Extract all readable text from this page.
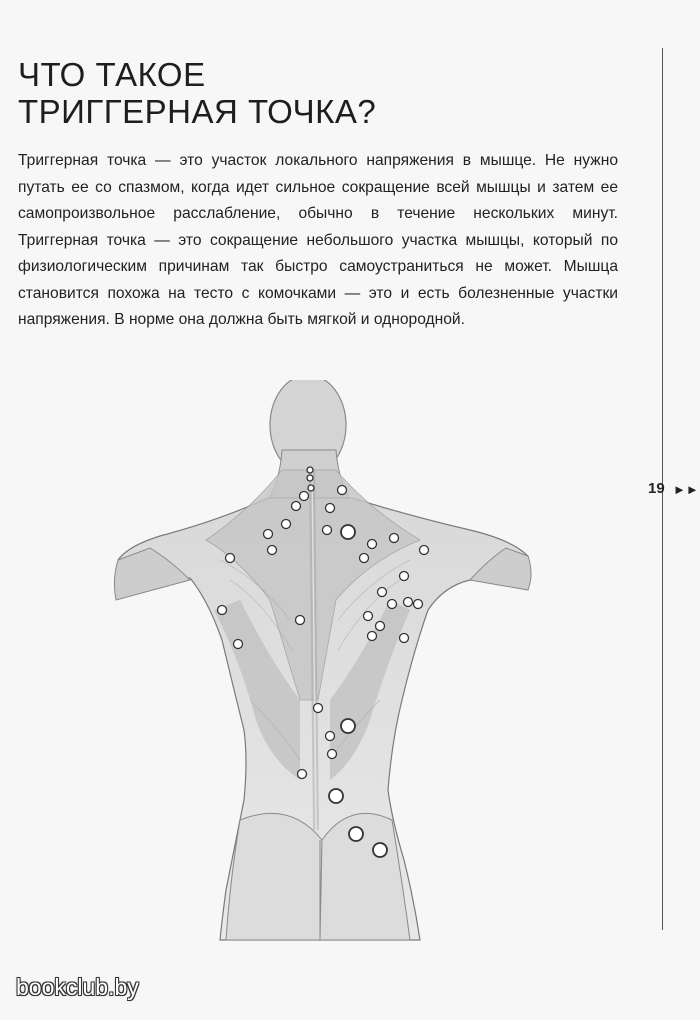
ЧТО ТАКОЕ
ТРИГГЕРНАЯ ТОЧКА?

Триггерная точка — это участок локального напряжения в мышце. Не нужно путать ее со спазмом, когда идет сильное сокращение всей мышцы и затем ее самопроизвольное расслабление, обычно в течение нескольких минут. Триггерная точка — это сокращение небольшого участка мышцы, который по физиологическим причинам так быстро самоустраниться не может. Мышца становится похожа на тесто с комочками — это и есть болезненные участки напряжения. В норме она должна быть мягкой и однородной.

19 ►►
bookclub.by
